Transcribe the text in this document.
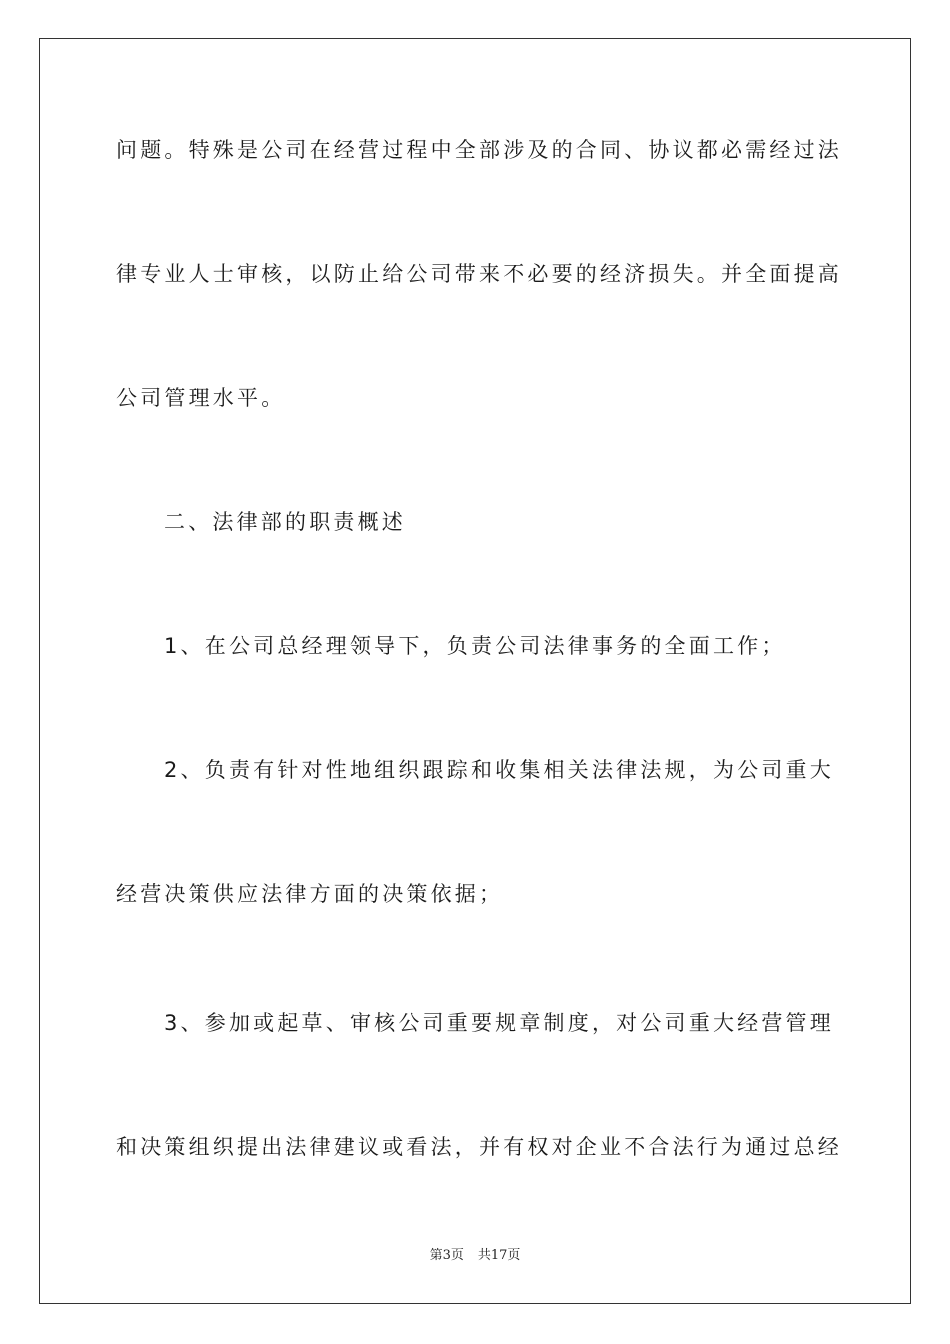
问题。特殊是公司在经营过程中全部涉及的合同、协议都必需经过法
律专业人士审核，以防止给公司带来不必要的经济损失。并全面提高
公司管理水平。
二、法律部的职责概述
1、在公司总经理领导下，负责公司法律事务的全面工作；
2、负责有针对性地组织跟踪和收集相关法律法规，为公司重大
经营决策供应法律方面的决策依据；
3、参加或起草、审核公司重要规章制度，对公司重大经营管理
和决策组织提出法律建议或看法，并有权对企业不合法行为通过总经
第3页 共17页
